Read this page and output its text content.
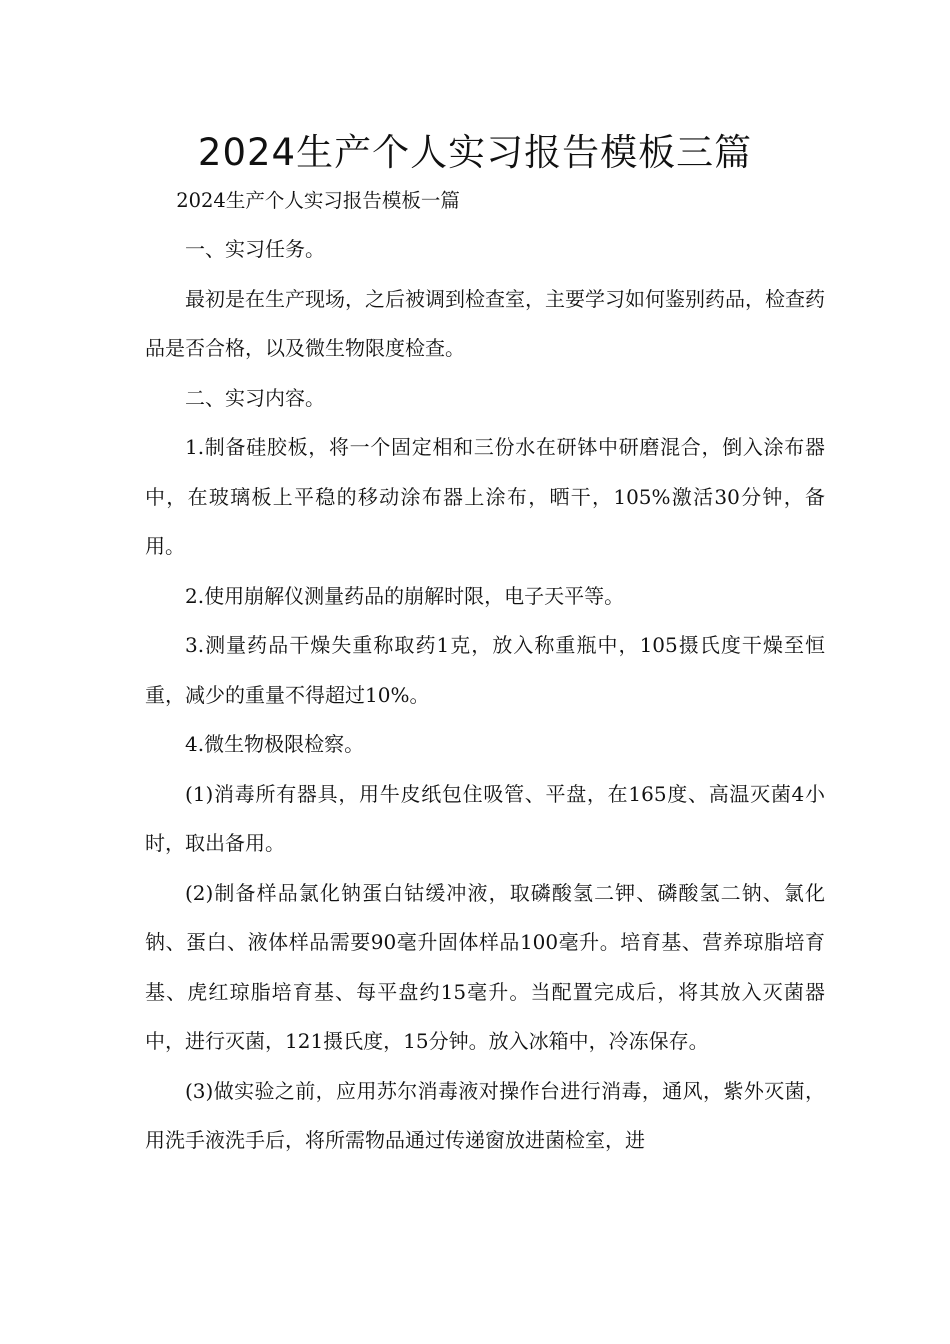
2024生产个人实习报告模板三篇

2024生产个人实习报告模板一篇

一、实习任务。

最初是在生产现场，之后被调到检查室，主要学习如何鉴别药品，检查药品是否合格，以及微生物限度检查。

二、实习内容。

1.制备硅胶板，将一个固定相和三份水在研钵中研磨混合，倒入涂布器中，在玻璃板上平稳的移动涂布器上涂布，晒干，105%激活30分钟，备用。

2.使用崩解仪测量药品的崩解时限，电子天平等。

3.测量药品干燥失重称取药1克，放入称重瓶中，105摄氏度干燥至恒重，减少的重量不得超过10%。

4.微生物极限检察。

(1)消毒所有器具，用牛皮纸包住吸管、平盘，在165度、高温灭菌4小时，取出备用。

(2)制备样品氯化钠蛋白钴缓冲液，取磷酸氢二钾、磷酸氢二钠、氯化钠、蛋白、液体样品需要90毫升固体样品100毫升。培育基、营养琼脂培育基、虎红琼脂培育基、每平盘约15毫升。当配置完成后，将其放入灭菌器中，进行灭菌，121摄氏度，15分钟。放入冰箱中，冷冻保存。

(3)做实验之前，应用苏尔消毒液对操作台进行消毒，通风，紫外灭菌，用洗手液洗手后，将所需物品通过传递窗放进菌检室，进
